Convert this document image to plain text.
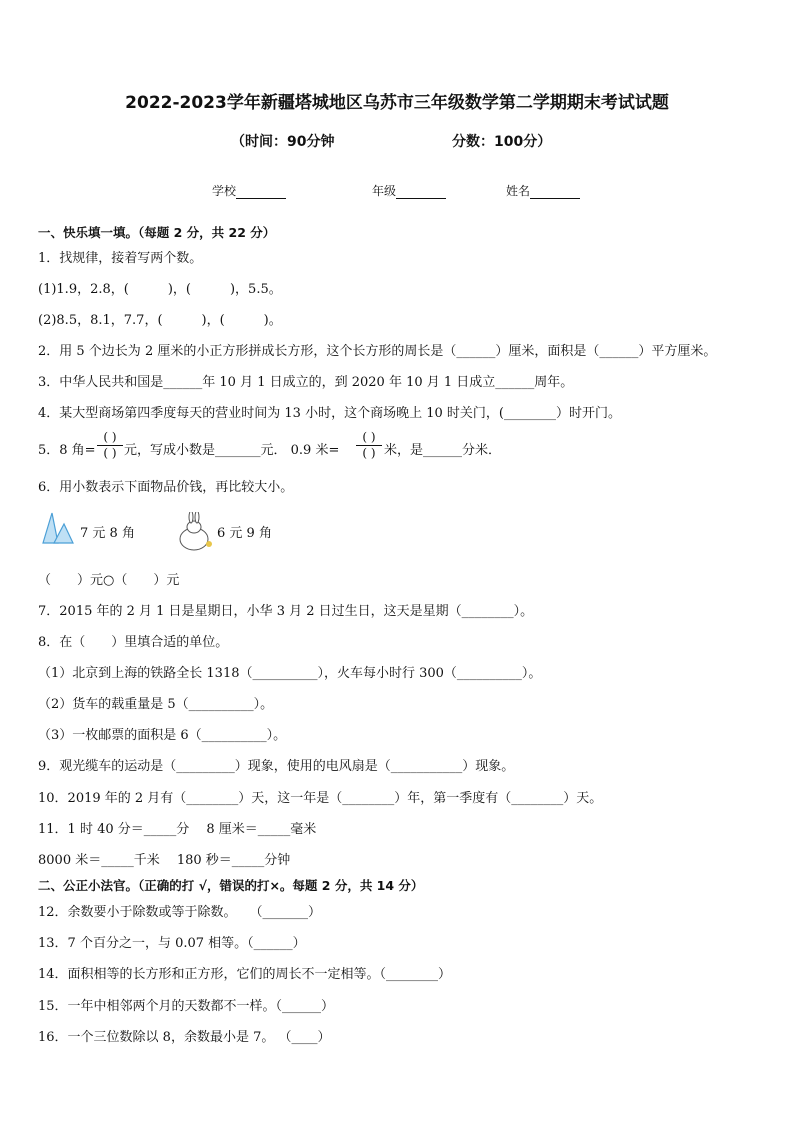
2022-2023学年新疆塔城地区乌苏市三年级数学第二学期期末考试试题
（时间：90分钟	分数：100分）
学校	年级	姓名
一、快乐填一填。（每题 2 分，共 22 分）
1．找规律，接着写两个数。
(1)1.9，2.8，(　　　)，(　　　)，5.5。
(2)8.5，8.1，7.7，(　　　)，(　　　)。
2．用 5 个边长为 2 厘米的小正方形拼成长方形，这个长方形的周长是（______）厘米，面积是（______）平方厘米。
3．中华人民共和国是______年 10 月 1 日成立的，到 2020 年 10 月 1 日成立______周年。
4．某大型商场第四季度每天的营业时间为 13 小时，这个商场晚上 10 时关门，(________）时开门。
5．8 角=
( )
( ) 元，写成小数是_______元． 0.9 米=
( )
( ) 米，是______分米．
6．用小数表示下面物品价钱，再比较大小。
7 元 8 角	6 元 9 角
（　　）元○（　　）元
7．2015 年的 2 月 1 日是星期日，小华 3 月 2 日过生日，这天是星期（________）。
8．在（　　）里填合适的单位。
（1）北京到上海的铁路全长 1318（__________），火车每小时行 300（__________）。
（2）货车的载重量是 5（__________）。
（3）一枚邮票的面积是 6（__________）。
9．观光缆车的运动是（_________）现象，使用的电风扇是（___________）现象。
10．2019 年的 2 月有（________）天，这一年是（________）年，第一季度有（________）天。
11．1 时 40 分＝_____分　 8 厘米＝_____毫米
8000 米＝_____千米　 180 秒＝_____分钟
二、公正小法官。（正确的打 √，错误的打×。每题 2 分，共 14 分）
12．余数要小于除数或等于除数。　　（_______）
13．7 个百分之一，与 0.07 相等。（______）
14．面积相等的长方形和正方形，它们的周长不一定相等。（________）
15．一年中相邻两个月的天数都不一样。（______）
16．一个三位数除以 8，余数最小是 7。 （____）
